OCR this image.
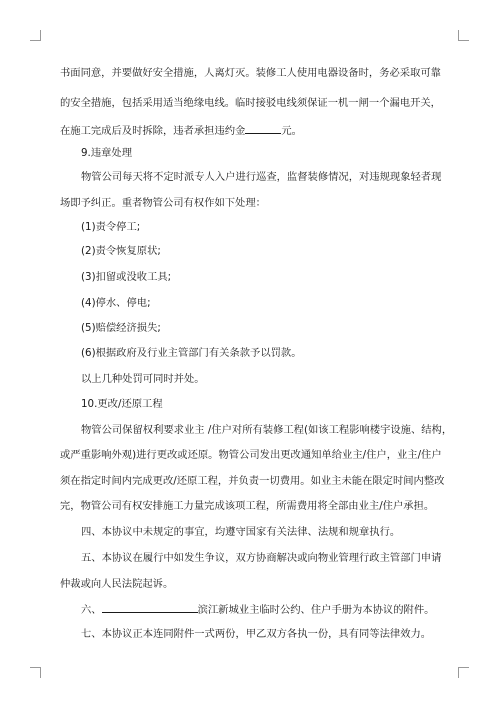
书面同意，并要做好安全措施，人离灯灭。装修工人使用电器设备时，务必采取可靠
的安全措施，包括采用适当绝缘电线。临时接驳电线须保证一机一闸一个漏电开关，
在施工完成后及时拆除，违者承担违约金	元。
9.违章处理
物管公司每天将不定时派专人入户进行巡查，监督装修情况，对违规现象轻者现
场即予纠正。重者物管公司有权作如下处理：
(1)责令停工;
(2)责令恢复原状;
(3)扣留或没收工具;
(4)停水、停电;
(5)赔偿经济损失;
(6)根据政府及行业主管部门有关条款予以罚款。
以上几种处罚可同时并处。
10.更改/还原工程
物管公司保留权利要求业主 /住户对所有装修工程(如该工程影响楼宇设施、结构，
或严重影响外观)进行更改或还原。物管公司发出更改通知单给业主/住户，业主/住户
须在指定时间内完成更改/还原工程，并负责一切费用。如业主未能在限定时间内整改
完，物管公司有权安排施工力量完成该项工程，所需费用将全部由业主/住户承担。
四、本协议中未规定的事宜，均遵守国家有关法律、法规和规章执行。
五、本协议在履行中如发生争议，双方协商解决或向物业管理行政主管部门申请
仲裁或向人民法院起诉。
六、	滨江新城业主临时公约、住户手册为本协议的附件。
七、本协议正本连同附件一式两份，甲乙双方各执一份，具有同等法律效力。
